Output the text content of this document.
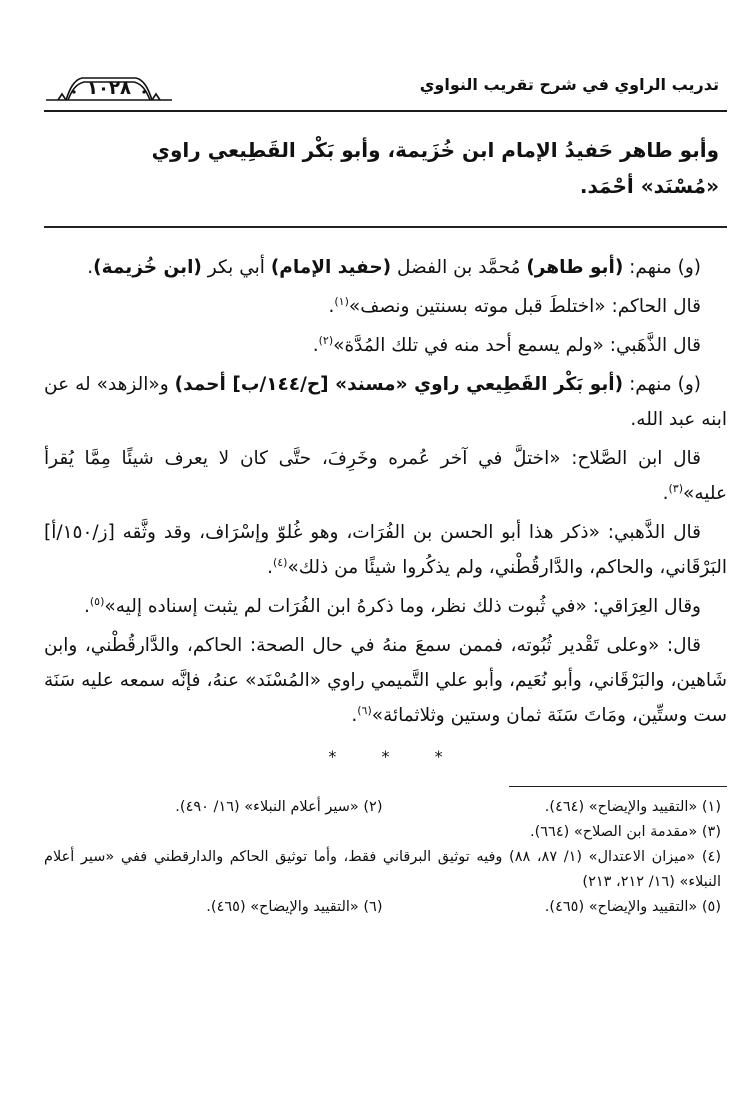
تدريب الراوي في شرح تقريب النواوي
١٠٢٨
وأبو طاهر حَفيدُ الإمام ابن خُزَيمة، وأبو بَكْر القَطِيعي راوي
«مُسْنَد» أحْمَد.

(و) منهم: (أبو طاهر) مُحمَّد بن الفضل (حفيد الإمام) أبي بكر (ابن خُزيمة).

قال الحاكم: «اختلطَ قبل موته بسنتين ونصف»$^{(١)}$.

قال الذَّهَبي: «ولم يسمع أحد منه في تلك المُدَّة»$^{(٢)}$.

(و) منهم: (أبو بَكْر القَطِيعي راوي «مسند» [ح/١٤٤/ب] أحمد) و«الزهد» له عن ابنه عبد الله.

قال ابن الصَّلاح: «اختلَّ في آخر عُمره وخَرِفَ، حتَّى كان لا يعرف شيئًا مِمَّا يُقرأ عليه»$^{(٣)}$.

قال الذَّهبي: «ذكر هذا أبو الحسن بن الفُرَات، وهو غُلوّ وإسْرَاف، وقد وثَّقه [ز/١٥٠/أ] البَرْقَاني، والحاكم، والدَّارقُطْني، ولم يذكُروا شيئًا من ذلك»$^{(٤)}$.

وقال العِرَاقي: «في ثُبوت ذلك نظر، وما ذكرهُ ابن الفُرَات لم يثبت إسناده إليه»$^{(٥)}$.

قال: «وعلى تَقْدير ثُبُوته، فممن سمعَ منهُ في حال الصحة: الحاكم، والدَّارقُطْني، وابن شَاهين، والبَرْقَاني، وأبو نُعَيم، وأبو علي التَّميمي راوي «المُسْنَد» عنهُ، فإنَّه سمعه عليه سَنَة ست وستِّين، ومَاتَ سَنَة ثمان وستين وثلاثمائة»$^{(٦)}$.

* * *
(١) «التقييد والإيضاح» (٤٦٤).
(٢) «سير أعلام النبلاء» (١٦/ ٤٩٠).
(٣) «مقدمة ابن الصلاح» (٦٦٤).
(٤) «ميزان الاعتدال» (١/ ٨٧، ٨٨) وفيه توثيق البرقاني فقط، وأما توثيق الحاكم والدارقطني ففي «سير أعلام النبلاء» (١٦/ ٢١٢، ٢١٣)
(٥) «التقييد والإيضاح» (٤٦٥).
(٦) «التقييد والإيضاح» (٤٦٥).
